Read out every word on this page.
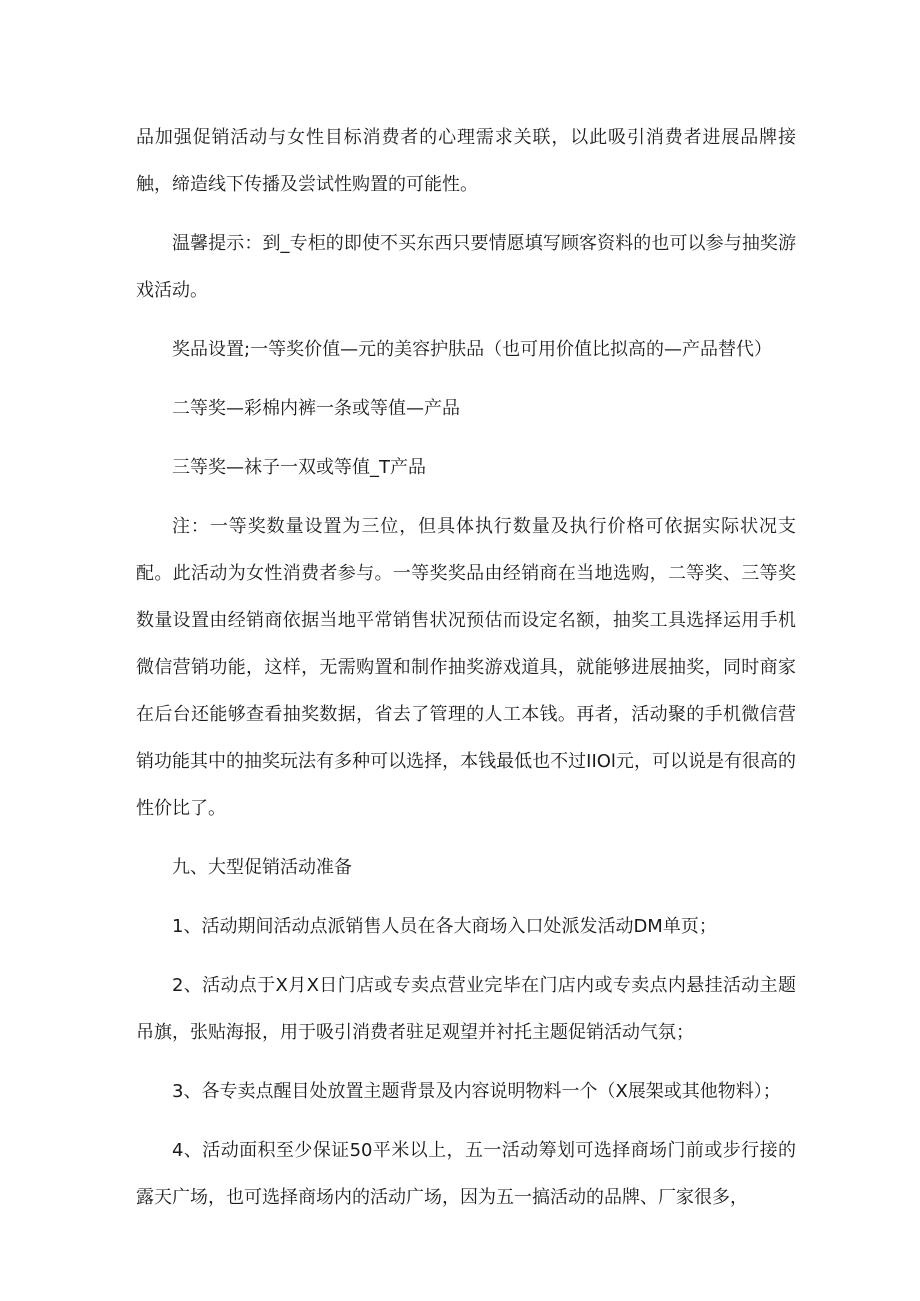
品加强促销活动与女性目标消费者的心理需求关联，以此吸引消费者进展品牌接触，缔造线下传播及尝试性购置的可能性。

温馨提示：到_专柜的即使不买东西只要情愿填写顾客资料的也可以参与抽奖游戏活动。

奖品设置;一等奖价值—元的美容护肤品（也可用价值比拟高的—产品替代）

二等奖—彩棉内裤一条或等值—产品

三等奖—袜子一双或等值_T产品

注：一等奖数量设置为三位，但具体执行数量及执行价格可依据实际状况支配。此活动为女性消费者参与。一等奖奖品由经销商在当地选购，二等奖、三等奖数量设置由经销商依据当地平常销售状况预估而设定名额，抽奖工具选择运用手机微信营销功能，这样，无需购置和制作抽奖游戏道具，就能够进展抽奖，同时商家在后台还能够查看抽奖数据，省去了管理的人工本钱。再者，活动聚的手机微信营销功能其中的抽奖玩法有多种可以选择，本钱最低也不过IIOl元，可以说是有很高的性价比了。

九、大型促销活动准备

1、活动期间活动点派销售人员在各大商场入口处派发活动DM单页；

2、活动点于X月X日门店或专卖点营业完毕在门店内或专卖点内悬挂活动主题吊旗，张贴海报，用于吸引消费者驻足观望并衬托主题促销活动气氛；

3、各专卖点醒目处放置主题背景及内容说明物料一个（X展架或其他物料）；

4、活动面积至少保证50平米以上，五一活动筹划可选择商场门前或步行接的露天广场，也可选择商场内的活动广场，因为五一搞活动的品牌、厂家很多，
